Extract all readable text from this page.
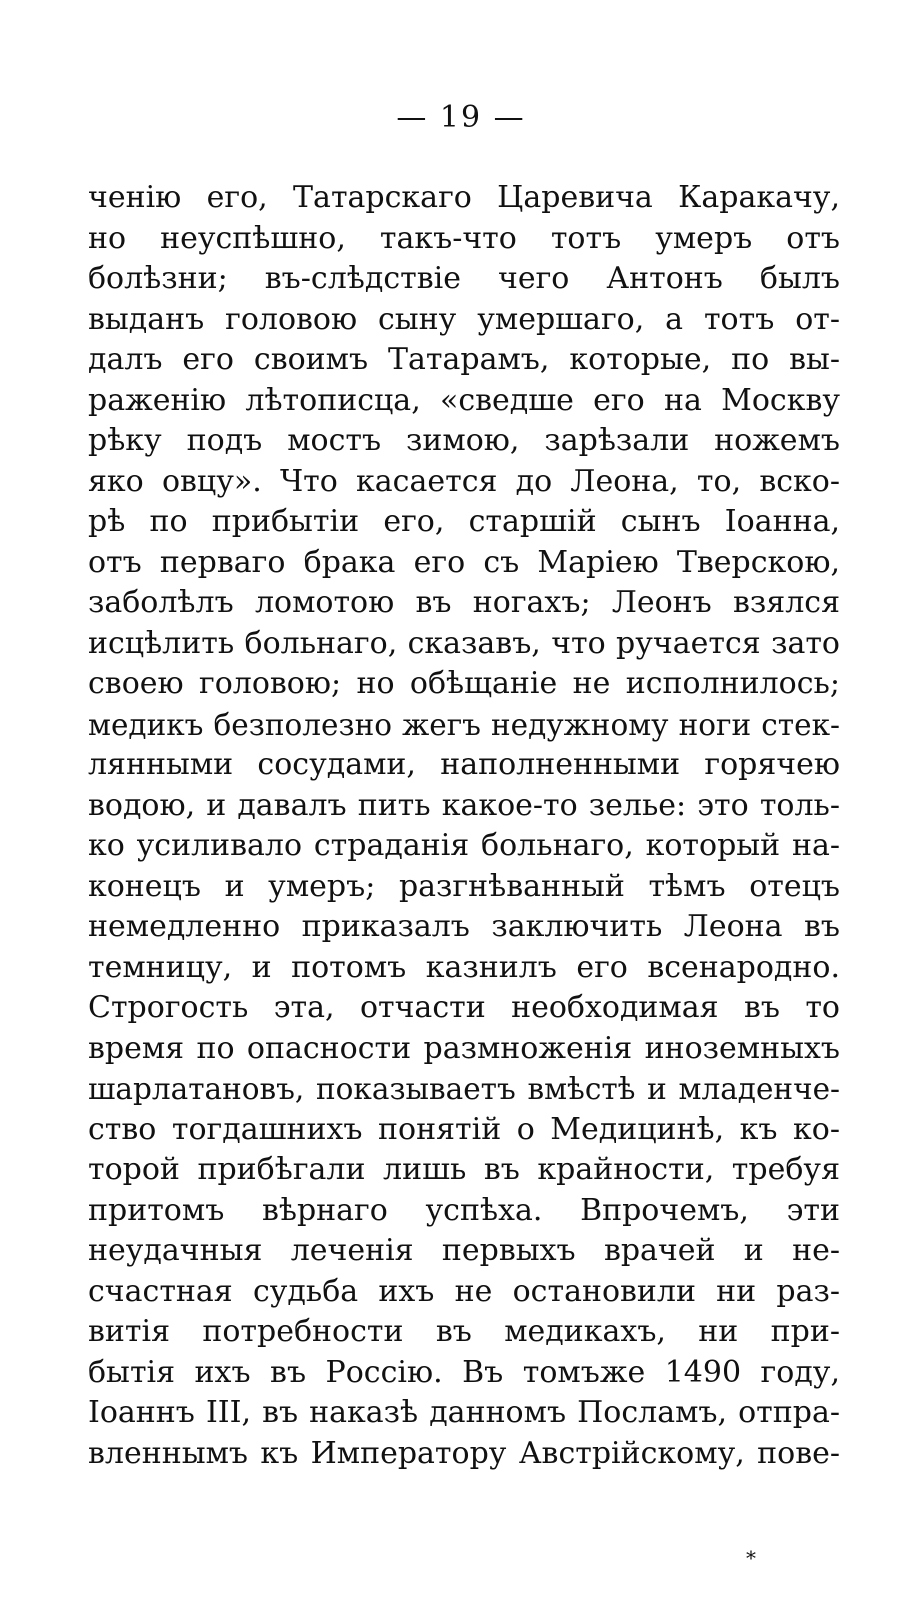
— 19 —
ченію его, Татарскаго Царевича Каракачу,
но неуспѣшно, такъ-что тотъ умеръ отъ
болѣзни; въ-слѣдствіе чего Антонъ былъ
выданъ головою сыну умершаго, а тотъ от-
далъ его своимъ Татарамъ, которые, по вы-
раженію лѣтописца, «сведше его на Москву
рѣку подъ мостъ зимою, зарѣзали ножемъ
яко овцу». Что касается до Леона, то, вско-
рѣ по прибытіи его, старшій сынъ Іоанна,
отъ перваго брака его съ Маріею Тверскою,
заболѣлъ ломотою въ ногахъ; Леонъ взялся
исцѣлить больнаго, сказавъ, что ручается зато
своею головою; но обѣщаніе не исполнилось;
медикъ безполезно жегъ недужному ноги стек-
лянными сосудами, наполненными горячею
водою, и давалъ пить какое-то зелье: это толь-
ко усиливало страданія больнаго, который на-
конецъ и умеръ; разгнѣванный тѣмъ отецъ
немедленно приказалъ заключить Леона въ
темницу, и потомъ казнилъ его всенародно.
Строгость эта, отчасти необходимая въ то
время по опасности размноженія иноземныхъ
шарлатановъ, показываетъ вмѣстѣ и младенче-
ство тогдашнихъ понятій о Медицинѣ, къ ко-
торой прибѣгали лишь въ крайности, требуя
притомъ вѣрнаго успѣха. Впрочемъ, эти
неудачныя леченія первыхъ врачей и не-
счастная судьба ихъ не остановили ни раз-
витія потребности въ медикахъ, ни при-
бытія ихъ въ Россію. Въ томъже 1490 году,
Іоаннъ III, въ наказѣ данномъ Посламъ, отпра-
вленнымъ къ Императору Австрійскому, пове-
*
